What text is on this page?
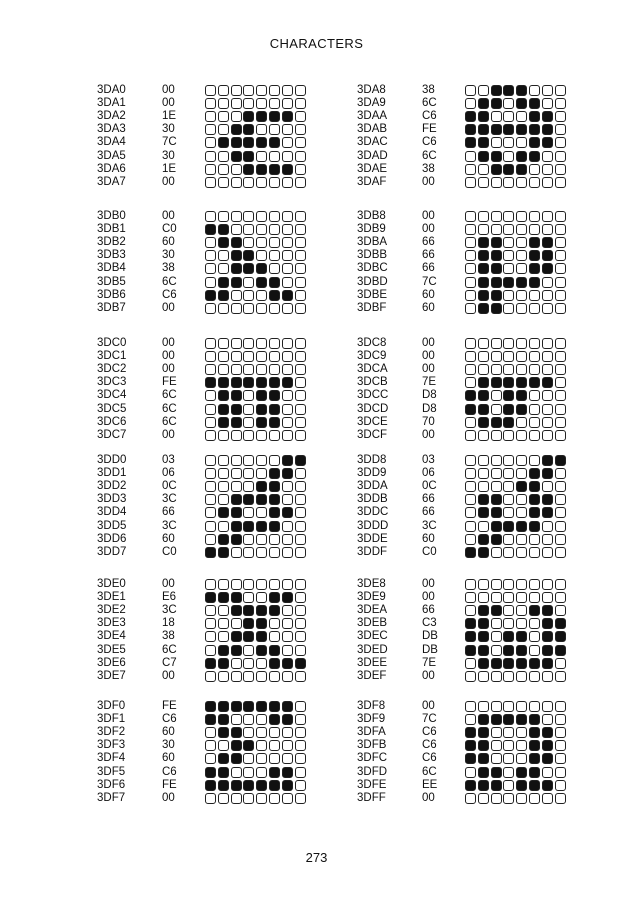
CHARACTERS
3DA0	00
3DA1	00
3DA2	1E
3DA3	30
3DA4	7C
3DA5	30
3DA6	1E
3DA7	00
3DA8	38
3DA9	6C
3DAA	C6
3DAB	FE
3DAC	C6
3DAD	6C
3DAE	38
3DAF	00
3DB0	00
3DB1	C0
3DB2	60
3DB3	30
3DB4	38
3DB5	6C
3DB6	C6
3DB7	00
3DB8	00
3DB9	00
3DBA	66
3DBB	66
3DBC	66
3DBD	7C
3DBE	60
3DBF	60
3DC0	00
3DC1	00
3DC2	00
3DC3	FE
3DC4	6C
3DC5	6C
3DC6	6C
3DC7	00
3DC8	00
3DC9	00
3DCA	00
3DCB	7E
3DCC	D8
3DCD	D8
3DCE	70
3DCF	00
3DD0	03
3DD1	06
3DD2	0C
3DD3	3C
3DD4	66
3DD5	3C
3DD6	60
3DD7	C0
3DD8	03
3DD9	06
3DDA	0C
3DDB	66
3DDC	66
3DDD	3C
3DDE	60
3DDF	C0
3DE0	00
3DE1	E6
3DE2	3C
3DE3	18
3DE4	38
3DE5	6C
3DE6	C7
3DE7	00
3DE8	00
3DE9	00
3DEA	66
3DEB	C3
3DEC	DB
3DED	DB
3DEE	7E
3DEF	00
3DF0	FE
3DF1	C6
3DF2	60
3DF3	30
3DF4	60
3DF5	C6
3DF6	FE
3DF7	00
3DF8	00
3DF9	7C
3DFA	C6
3DFB	C6
3DFC	C6
3DFD	6C
3DFE	EE
3DFF	00
273
